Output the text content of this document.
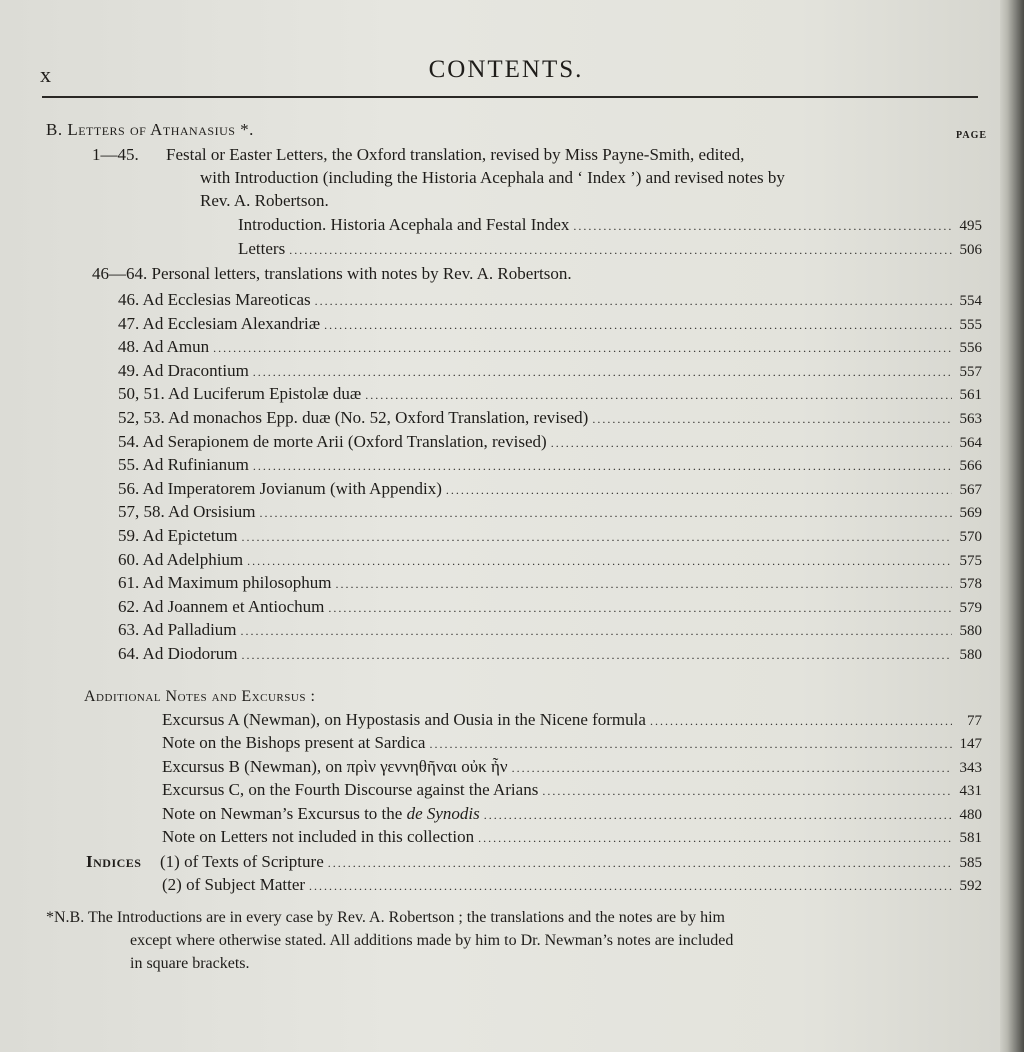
x	CONTENTS.
B. Letters of Athanasius *.	PAGE
1—45. Festal or Easter Letters, the Oxford translation, revised by Miss Payne-Smith, edited,
with Introduction (including the Historia Acephala and ‘ Index ’) and revised notes by
Rev. A. Robertson.
Introduction. Historia Acephala and Festal Index .....	495
Letters .....	506
46—64. Personal letters, translations with notes by Rev. A. Robertson.
46. Ad Ecclesias Mareoticas .....	554
47. Ad Ecclesiam Alexandriæ .....	555
48. Ad Amun .....	556
49. Ad Dracontium .....	557
50, 51. Ad Luciferum Epistolæ duæ .....	561
52, 53. Ad monachos Epp. duæ (No. 52, Oxford Translation, revised) .....	563
54. Ad Serapionem de morte Arii (Oxford Translation, revised) .....	564
55. Ad Rufinianum .....	566
56. Ad Imperatorem Jovianum (with Appendix) .....	567
57, 58. Ad Orsisium .....	569
59. Ad Epictetum .....	570
60. Ad Adelphium .....	575
61. Ad Maximum philosophum .....	578
62. Ad Joannem et Antiochum .....	579
63. Ad Palladium .....	580
64. Ad Diodorum .....	580
Additional Notes and Excursus :
Excursus A (Newman), on Hypostasis and Ousia in the Nicene formula .....	77
Note on the Bishops present at Sardica .....	147
Excursus B (Newman), on πρὶν γεννηθῆναι οὐκ ἦν .....	343
Excursus C, on the Fourth Discourse against the Arians .....	431
Note on Newman’s Excursus to the de Synodis .....	480
Note on Letters not included in this collection .....	581
Indices (1) of Texts of Scripture .....	585
(2) of Subject Matter .....	592
*N.B. The Introductions are in every case by Rev. A. Robertson ; the translations and the notes are by him
except where otherwise stated. All additions made by him to Dr. Newman’s notes are included
in square brackets.
